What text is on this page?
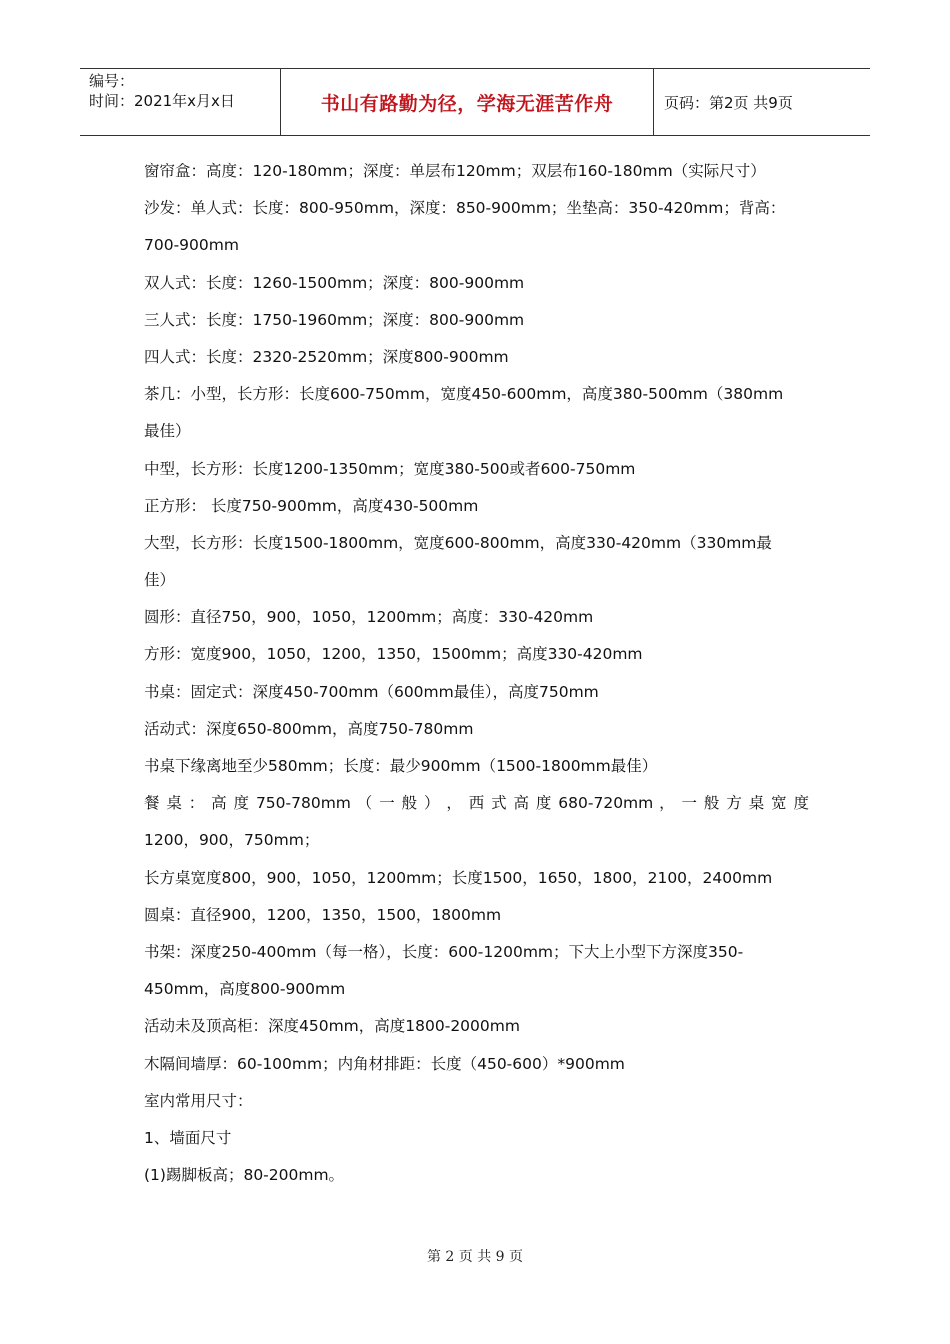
编号：
时间：2021年x月x日	书山有路勤为径，学海无涯苦作舟	页码：第2页 共9页
窗帘盒：高度：120-180mm；深度：单层布120mm；双层布160-180mm（实际尺寸）
沙发：单人式：长度：800-950mm，深度：850-900mm；坐垫高：350-420mm；背高：
700-900mm
双人式：长度：1260-1500mm；深度：800-900mm
三人式：长度：1750-1960mm；深度：800-900mm
四人式：长度：2320-2520mm；深度800-900mm
茶几：小型，长方形：长度600-750mm，宽度450-600mm，高度380-500mm（380mm
最佳）
中型，长方形：长度1200-1350mm；宽度380-500或者600-750mm
正方形： 长度750-900mm，高度430-500mm
大型，长方形：长度1500-1800mm，宽度600-800mm，高度330-420mm（330mm最
佳）
圆形：直径750，900，1050，1200mm；高度：330-420mm
方形：宽度900，1050，1200，1350，1500mm；高度330-420mm
书桌：固定式：深度450-700mm（600mm最佳），高度750mm
活动式：深度650-800mm，高度750-780mm
书桌下缘离地至少580mm；长度：最少900mm（1500-1800mm最佳）
餐 桌 ： 高 度 750-780mm （ 一 般 ） ， 西 式 高 度 680-720mm ， 一 般 方 桌 宽 度
1200，900，750mm；
长方桌宽度800，900，1050，1200mm；长度1500，1650，1800，2100，2400mm
圆桌：直径900，1200，1350，1500，1800mm
书架：深度250-400mm（每一格），长度：600-1200mm；下大上小型下方深度350-
450mm，高度800-900mm
活动未及顶高柜：深度450mm，高度1800-2000mm
木隔间墙厚：60-100mm；内角材排距：长度（450-600）*900mm
室内常用尺寸：
1、墙面尺寸
(1)踢脚板高；80-200mm。
第 2 页 共 9 页
